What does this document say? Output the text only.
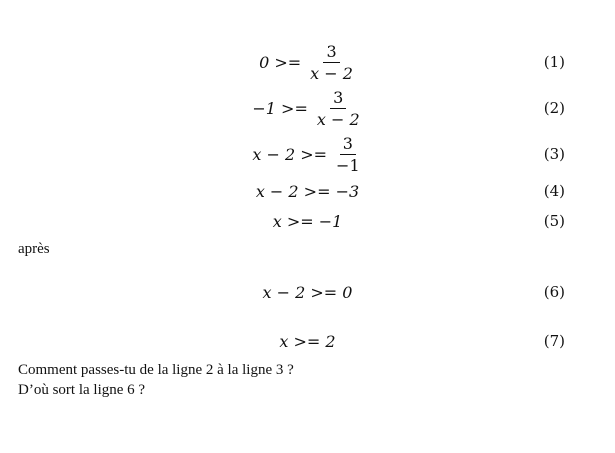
$0 >= \frac{3}{x - 2}$	(1)
$-1 >= \frac{3}{x - 2}$	(2)
$x - 2 >= \frac{3}{-1}$	(3)
x − 2 >= −3	(4)
x >= −1	(5)
après
x − 2 >= 0	(6)
x >= 2	(7)
Comment passes-tu de la ligne 2 à la ligne 3 ?
D’où sort la ligne 6 ?
